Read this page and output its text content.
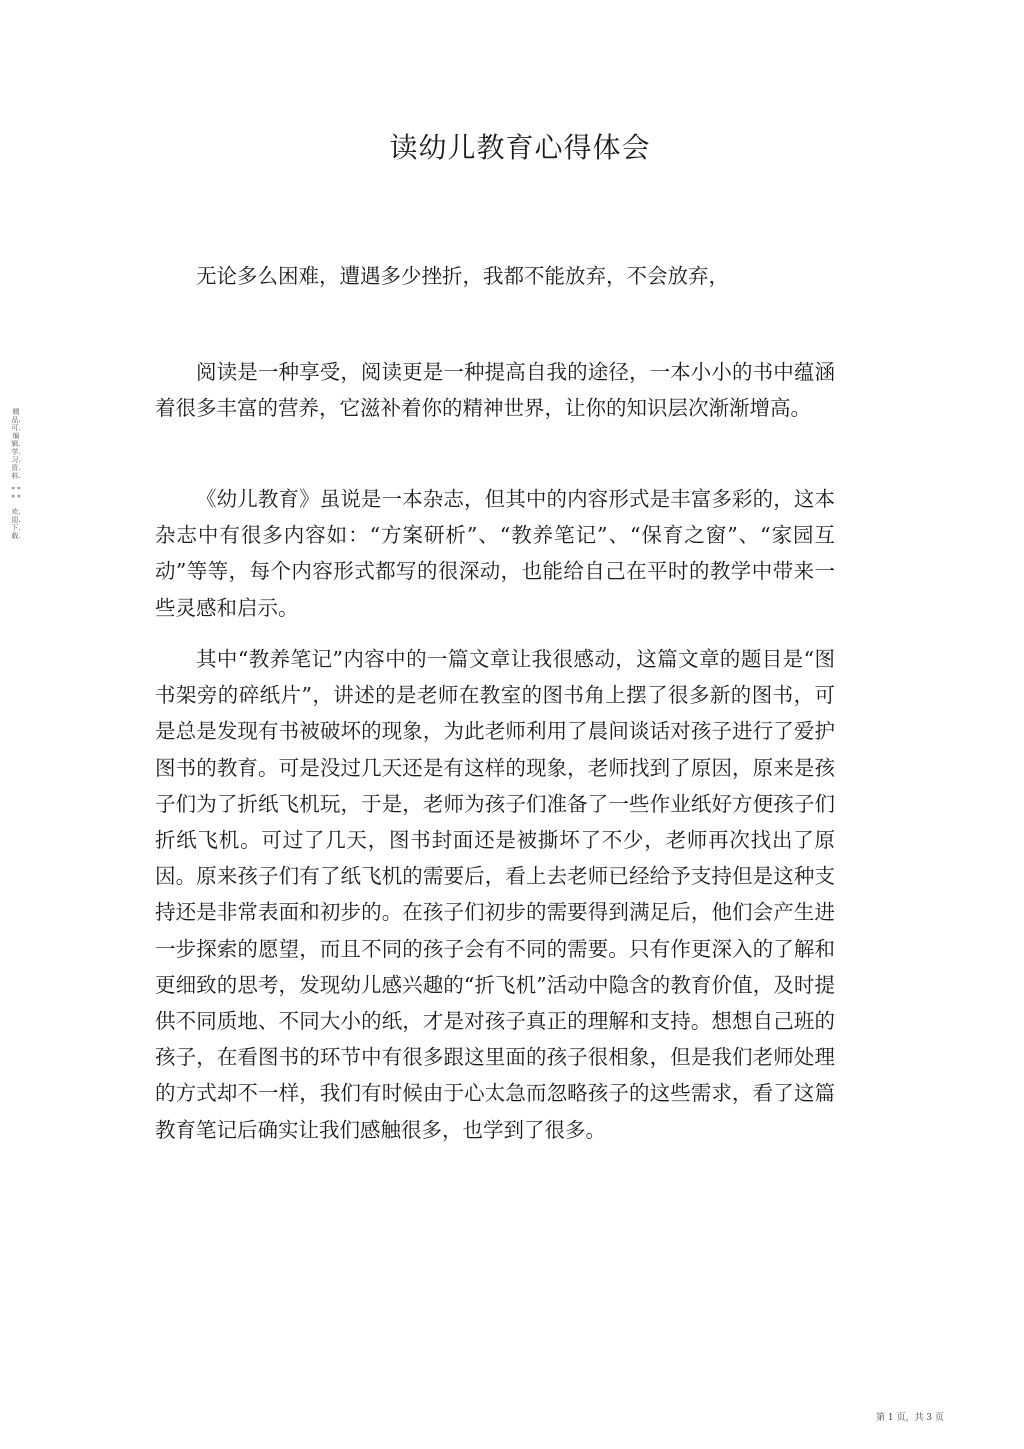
读幼儿教育心得体会

无论多么困难，遭遇多少挫折，我都不能放弃，不会放弃，

阅读是一种享受，阅读更是一种提高自我的途径，一本小小的书中蕴涵着很多丰富的营养，它滋补着你的精神世界，让你的知识层次渐渐增高。

《幼儿教育》虽说是一本杂志，但其中的内容形式是丰富多彩的，这本杂志中有很多内容如：“方案研析”、“教养笔记”、“保育之窗”、“家园互动”等等，每个内容形式都写的很深动，也能给自己在平时的教学中带来一些灵感和启示。

其中“教养笔记”内容中的一篇文章让我很感动，这篇文章的题目是“图书架旁的碎纸片”，讲述的是老师在教室的图书角上摆了很多新的图书，可是总是发现有书被破坏的现象，为此老师利用了晨间谈话对孩子进行了爱护图书的教育。可是没过几天还是有这样的现象，老师找到了原因，原来是孩子们为了折纸飞机玩，于是，老师为孩子们准备了一些作业纸好方便孩子们折纸飞机。可过了几天，图书封面还是被撕坏了不少，老师再次找出了原因。原来孩子们有了纸飞机的需要后，看上去老师已经给予支持但是这种支持还是非常表面和初步的。在孩子们初步的需要得到满足后，他们会产生进一步探索的愿望，而且不同的孩子会有不同的需要。只有作更深入的了解和更细致的思考，发现幼儿感兴趣的“折飞机”活动中隐含的教育价值，及时提供不同质地、不同大小的纸，才是对孩子真正的理解和支持。想想自己班的孩子，在看图书的环节中有很多跟这里面的孩子很相象，但是我们老师处理的方式却不一样，我们有时候由于心太急而忽略孩子的这些需求，看了这篇教育笔记后确实让我们感触很多，也学到了很多。

精品.可.编辑.学.习.资.料.
* * * *
欢.迎.下.载.
第 1 页，共 3 页
